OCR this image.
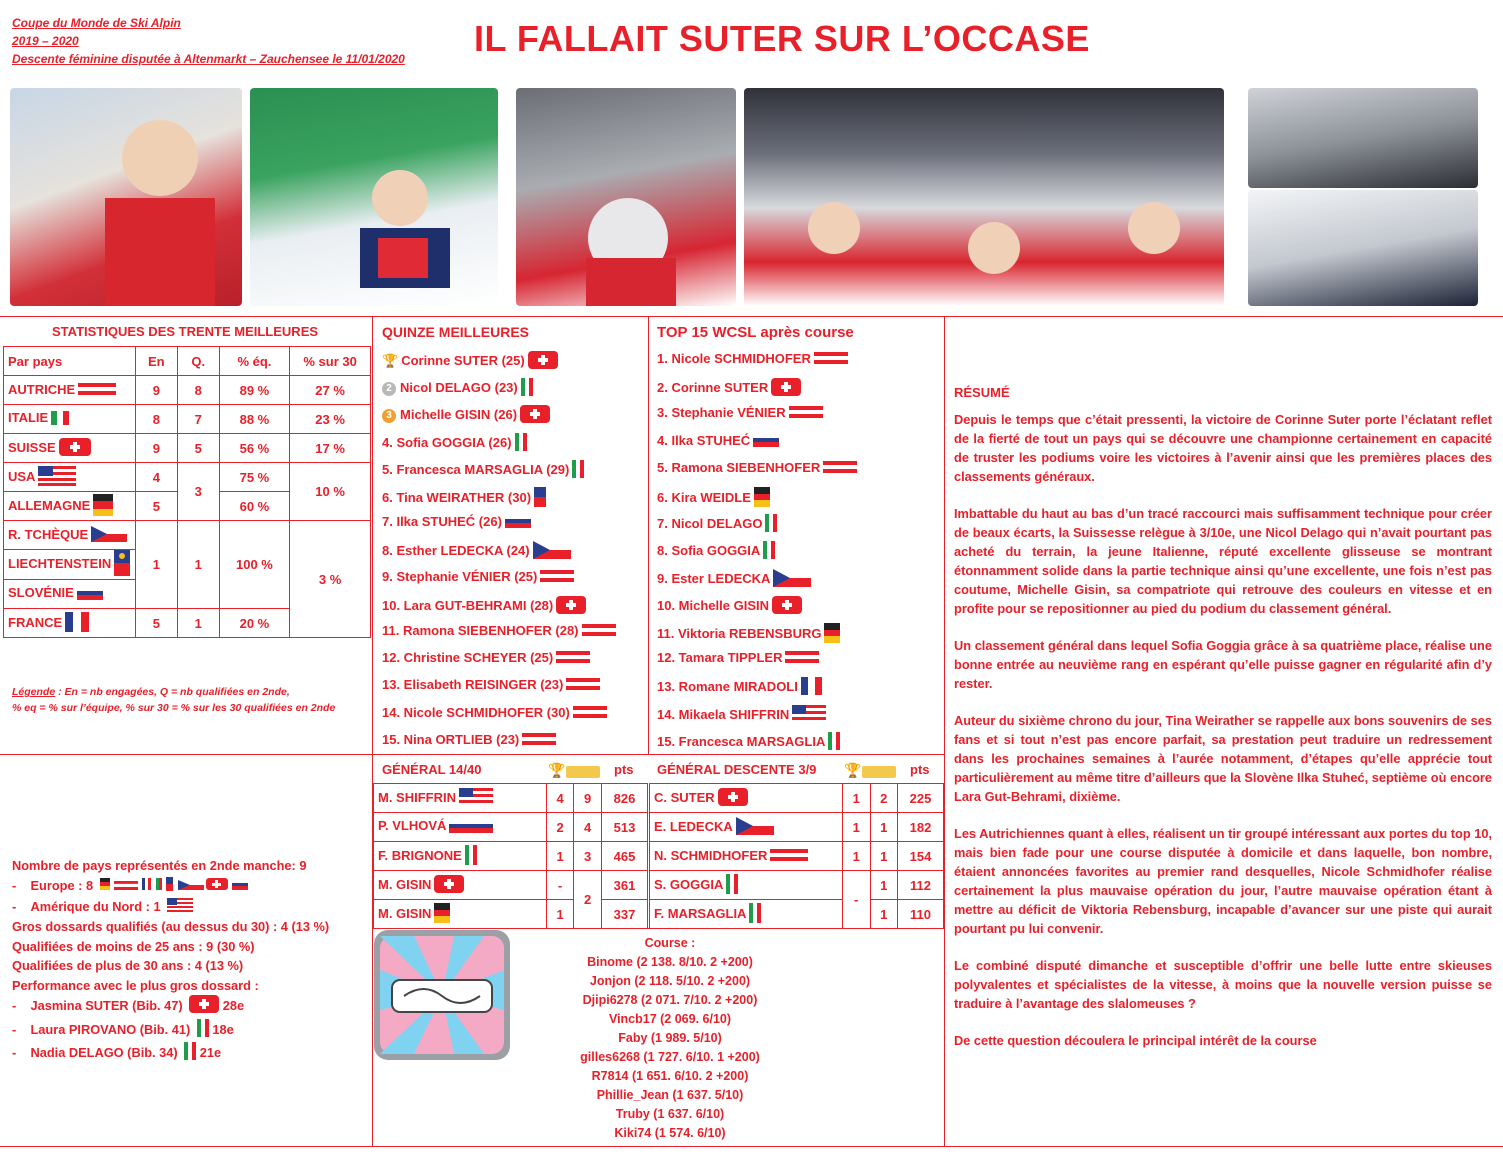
Coupe du Monde de Ski Alpin
2019 – 2020
Descente féminine disputée à Altenmarkt – Zauchensee le 11/01/2020 IL FALLAIT SUTER SUR L’OCCASE
STATISTIQUES DES TRENTE MEILLEURES
Par pays	En	Q.	% éq.	% sur 30
AUTRICHE	9	8	89 %	27 %
ITALIE	8	7	88 %	23 %
SUISSE	9	5	56 %	17 %
USA	4	3	75 %	10 %
ALLEMAGNE	5		60 %	
R. TCHÈQUE	1	1	100 %	3 %
LIECHTENSTEIN				
SLOVÉNIE				
FRANCE	5	1	20 %	
Légende : En = nb engagées, Q = nb qualifiées en 2nde,
% eq = % sur l’équipe, % sur 30 = % sur les 30 qualifiées en 2nde
QUINZE MEILLEURES
🏆 Corinne SUTER (25)
2 Nicol DELAGO (23)
3 Michelle GISIN (26)
4. Sofia GOGGIA (26)
5. Francesca MARSAGLIA (29)
6. Tina WEIRATHER (30)
7. Ilka STUHEĆ (26)
8. Esther LEDECKA (24)
9. Stephanie VÉNIER (25)
10. Lara GUT-BEHRAMI (28)
11. Ramona SIEBENHOFER (28)
12. Christine SCHEYER (25)
13. Elisabeth REISINGER (23)
14. Nicole SCHMIDHOFER (30)
15. Nina ORTLIEB (23)
TOP 15 WCSL après course
1. Nicole SCHMIDHOFER
2. Corinne SUTER
3. Stephanie VÉNIER
4. Ilka STUHEĆ
5. Ramona SIEBENHOFER
6. Kira WEIDLE
7. Nicol DELAGO
8. Sofia GOGGIA
9. Ester LEDECKA
10. Michelle GISIN
11. Viktoria REBENSBURG
12. Tamara TIPPLER
13. Romane MIRADOLI
14. Mikaela SHIFFRIN
15. Francesca MARSAGLIA
GÉNÉRAL 14/40	🏆	pts
M. SHIFFRIN	4	9	826
P. VLHOVÁ	2	4	513
F. BRIGNONE	1	3	465
M. GISIN	-	2	361
M. GISIN	1		337
GÉNÉRAL DESCENTE 3/9 🏆	pts
C. SUTER	1	2	225
E. LEDECKA	1	1	182
N. SCHMIDHOFER	1	1	154
S. GOGGIA	-	1	112
F. MARSAGLIA		1	110
Nombre de pays représentés en 2nde manche: 9
-    Europe : 8
-    Amérique du Nord : 1
Gros dossards qualifiés (au dessus du 30) : 4 (13 %)
Qualifiées de moins de 25 ans : 9 (30 %)
Qualifiées de plus de 30 ans : 4 (13 %)
Performance avec le plus gros dossard :
-    Jasmina SUTER (Bib. 47)	28e
-    Laura PIROVANO (Bib. 41) 18e
-    Nadia DELAGO (Bib. 34) 21e
Course :
Binome (2 138. 8/10. 2 +200)
Jonjon (2 118. 5/10. 2 +200)
Djipi6278 (2 071. 7/10. 2 +200)
Vincb17 (2 069. 6/10)
Faby (1 989. 5/10)
gilles6268 (1 727. 6/10. 1 +200)
R7814 (1 651. 6/10. 2 +200)
Phillie_Jean (1 637. 5/10)
Truby (1 637. 6/10)
Kiki74 (1 574. 6/10)
RÉSUMÉ
Depuis le temps que c’était pressenti, la victoire de Corinne Suter porte l’éclatant reflet de la fierté de tout un pays qui se découvre une championne certainement en capacité de truster les podiums voire les victoires à l’avenir ainsi que les premières places des classements généraux.
Imbattable du haut au bas d’un tracé raccourci mais suffisamment technique pour créer de beaux écarts, la Suissesse relègue à 3/10e, une Nicol Delago qui n’avait pourtant pas acheté du terrain, la jeune Italienne, réputé excellente glisseuse se montrant étonnamment solide dans la partie technique ainsi qu’une excellente, une fois n’est pas coutume, Michelle Gisin, sa compatriote qui retrouve des couleurs en vitesse et en profite pour se repositionner au pied du podium du classement général.
Un classement général dans lequel Sofia Goggia grâce à sa quatrième place, réalise une bonne entrée au neuvième rang en espérant qu’elle puisse gagner en régularité afin d’y rester.
Auteur du sixième chrono du jour, Tina Weirather se rappelle aux bons souvenirs de ses fans et si tout n’est pas encore parfait, sa prestation peut traduire un redressement dans les prochaines semaines à l’aurée notamment, d’étapes qu’elle apprécie tout particulièrement au même titre d’ailleurs que la Slovène Ilka Stuheć, septième où encore Lara Gut-Behrami, dixième.
Les Autrichiennes quant à elles, réalisent un tir groupé intéressant aux portes du top 10, mais bien fade pour une course disputée à domicile et dans laquelle, bon nombre, étaient annoncées favorites au premier rand desquelles, Nicole Schmidhofer réalise certainement la plus mauvaise opération du jour, l’autre mauvaise opération étant à mettre au déficit de Viktoria Rebensburg, incapable d’avancer sur une piste qui aurait pourtant pu lui convenir.
Le combiné disputé dimanche et susceptible d’offrir une belle lutte entre skieuses polyvalentes et spécialistes de la vitesse, à moins que la nouvelle version puisse se traduire à l’avantage des slalomeuses ?
De cette question découlera le principal intérêt de la course
